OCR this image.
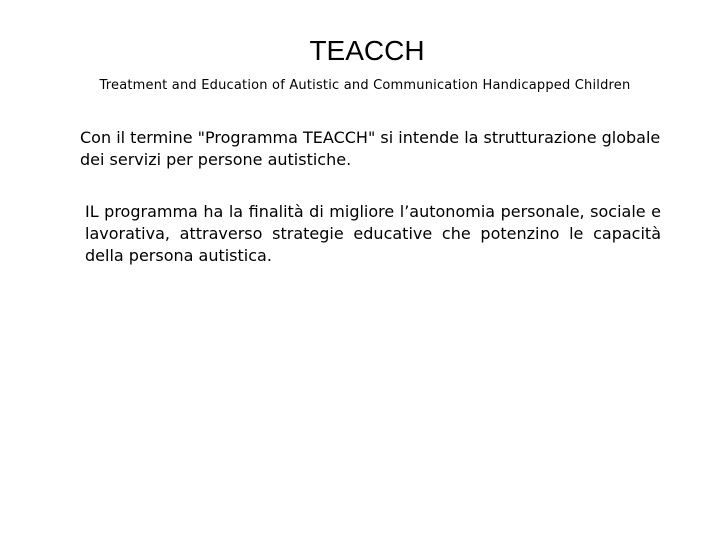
TEACCH

Treatment and Education of Autistic and Communication Handicapped Children

Con il termine "Programma TEACCH" si intende la strutturazione globale dei servizi per persone autistiche.

IL programma ha la finalità di migliore l’autonomia personale, sociale e lavorativa, attraverso strategie educative che potenzino le capacità della persona autistica.
